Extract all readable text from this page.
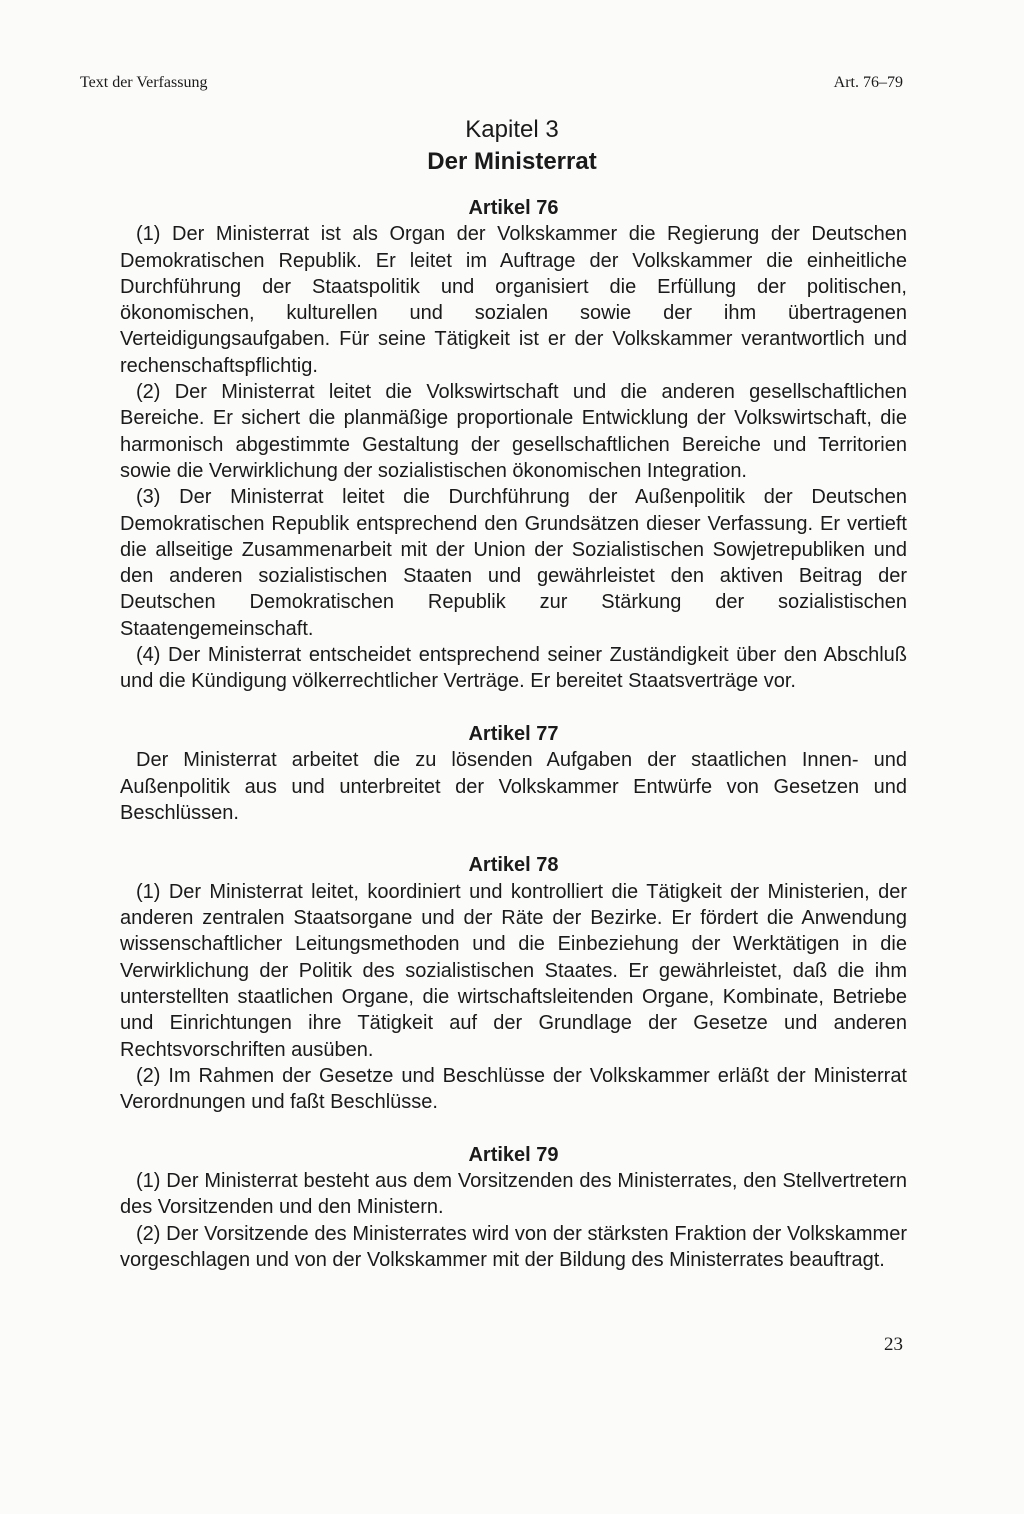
Text der Verfassung	Art. 76–79
Kapitel 3
Der Ministerrat
Artikel 76

(1) Der Ministerrat ist als Organ der Volkskammer die Regierung der Deutschen Demokratischen Republik. Er leitet im Auftrage der Volkskammer die einheitliche Durchführung der Staatspolitik und organisiert die Erfüllung der politischen, ökonomischen, kulturellen und sozialen sowie der ihm übertragenen Verteidigungsaufgaben. Für seine Tätigkeit ist er der Volkskammer verantwortlich und rechenschaftspflichtig.

(2) Der Ministerrat leitet die Volkswirtschaft und die anderen gesellschaftlichen Bereiche. Er sichert die planmäßige proportionale Entwicklung der Volkswirtschaft, die harmonisch abgestimmte Gestaltung der gesellschaftlichen Bereiche und Territorien sowie die Verwirklichung der sozialistischen ökonomischen Integration.

(3) Der Ministerrat leitet die Durchführung der Außenpolitik der Deutschen Demokratischen Republik entsprechend den Grundsätzen dieser Verfassung. Er vertieft die allseitige Zusammenarbeit mit der Union der Sozialistischen Sowjetrepubliken und den anderen sozialistischen Staaten und gewährleistet den aktiven Beitrag der Deutschen Demokratischen Republik zur Stärkung der sozialistischen Staatengemeinschaft.

(4) Der Ministerrat entscheidet entsprechend seiner Zuständigkeit über den Abschluß und die Kündigung völkerrechtlicher Verträge. Er bereitet Staatsverträge vor.

Artikel 77

Der Ministerrat arbeitet die zu lösenden Aufgaben der staatlichen Innen- und Außenpolitik aus und unterbreitet der Volkskammer Entwürfe von Gesetzen und Beschlüssen.

Artikel 78

(1) Der Ministerrat leitet, koordiniert und kontrolliert die Tätigkeit der Ministerien, der anderen zentralen Staatsorgane und der Räte der Bezirke. Er fördert die Anwendung wissenschaftlicher Leitungsmethoden und die Einbeziehung der Werktätigen in die Verwirklichung der Politik des sozialistischen Staates. Er gewährleistet, daß die ihm unterstellten staatlichen Organe, die wirtschaftsleitenden Organe, Kombinate, Betriebe und Einrichtungen ihre Tätigkeit auf der Grundlage der Gesetze und anderen Rechtsvorschriften ausüben.

(2) Im Rahmen der Gesetze und Beschlüsse der Volkskammer erläßt der Ministerrat Verordnungen und faßt Beschlüsse.

Artikel 79

(1) Der Ministerrat besteht aus dem Vorsitzenden des Ministerrates, den Stellvertretern des Vorsitzenden und den Ministern.

(2) Der Vorsitzende des Ministerrates wird von der stärksten Fraktion der Volkskammer vorgeschlagen und von der Volkskammer mit der Bildung des Ministerrates beauftragt.

23
